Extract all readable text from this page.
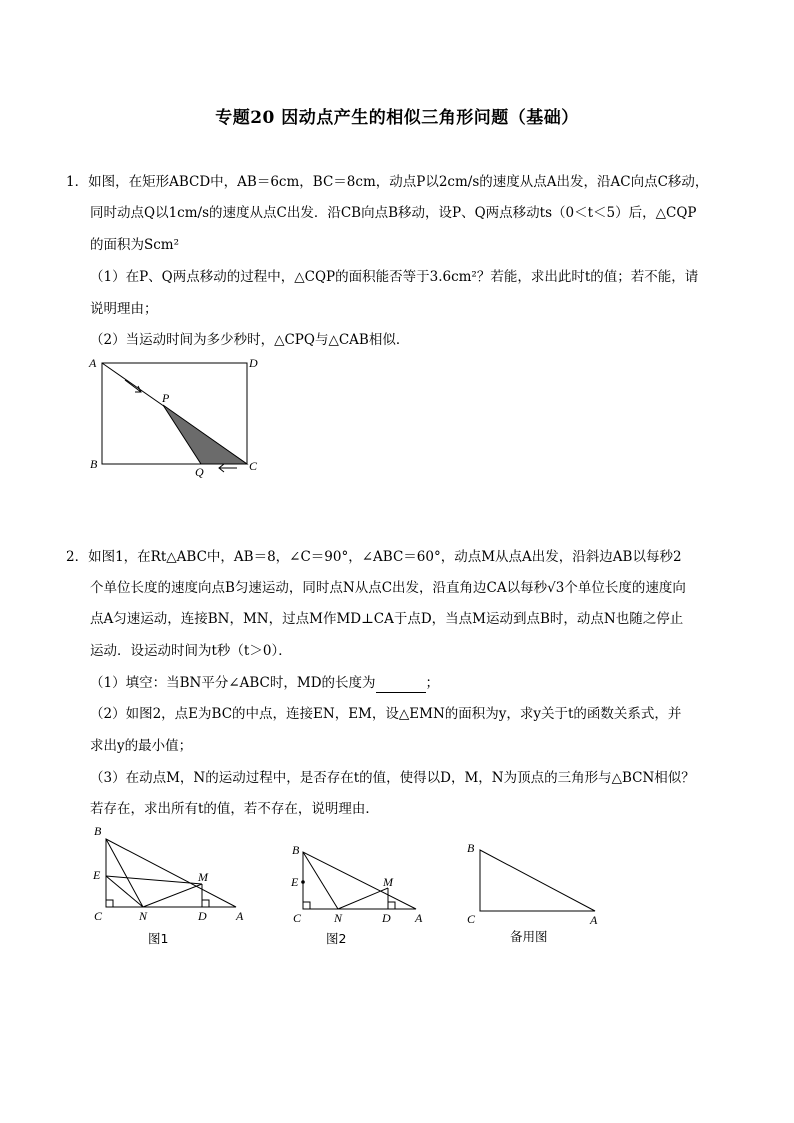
专题20 因动点产生的相似三角形问题（基础）
1．如图，在矩形ABCD中，AB＝6cm，BC＝8cm，动点P以2cm/s的速度从点A出发，沿AC向点C移动，
同时动点Q以1cm/s的速度从点C出发．沿CB向点B移动，设P、Q两点移动ts（0＜t＜5）后，△CQP
的面积为Scm²
（1）在P、Q两点移动的过程中，△CQP的面积能否等于3.6cm²？若能，求出此时t的值；若不能，请
说明理由；
（2）当运动时间为多少秒时，△CPQ与△CAB相似．
A	D
B	C
P
Q
2．如图1，在Rt△ABC中，AB＝8，∠C＝90°，∠ABC＝60°，动点M从点A出发，沿斜边AB以每秒2
个单位长度的速度向点B匀速运动，同时点N从点C出发，沿直角边CA以每秒√3个单位长度的速度向
点A匀速运动，连接BN，MN，过点M作MD⊥CA于点D，当点M运动到点B时，动点N也随之停止
运动．设运动时间为t秒（t＞0）．
（1）填空：当BN平分∠ABC时，MD的长度为	；
（2）如图2，点E为BC的中点，连接EN，EM，设△EMN的面积为y，求y关于t的函数关系式，并
求出y的最小值；
（3）在动点M，N的运动过程中，是否存在t的值，使得以D，M，N为顶点的三角形与△BCN相似？
若存在，求出所有t的值，若不存在，说明理由．
B
E
C	N	D A
M
图1
B
E
C	N	D A
M
图2
B
C	A
备用图
